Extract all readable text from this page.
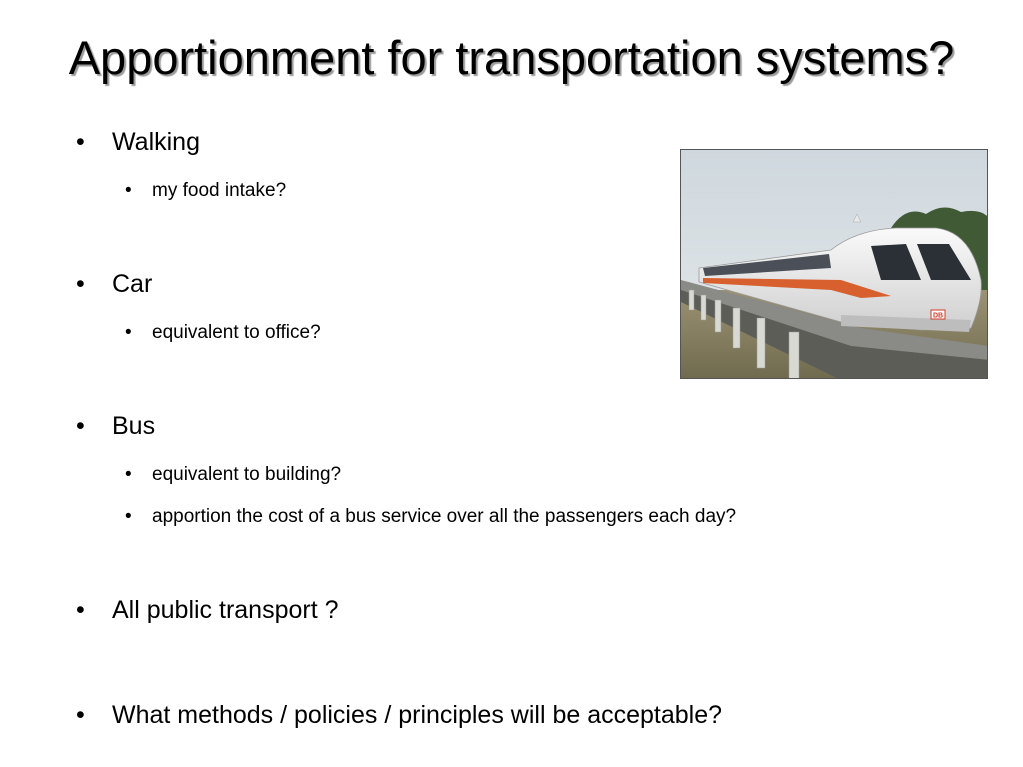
Apportionment for transportation systems?
• Walking
• my food intake?
• Car
• equivalent to office?
• Bus
• equivalent to building?
• apportion the cost of a bus service over all the passengers each day?
• All public transport ?
• What methods / policies / principles will be acceptable?
DB
